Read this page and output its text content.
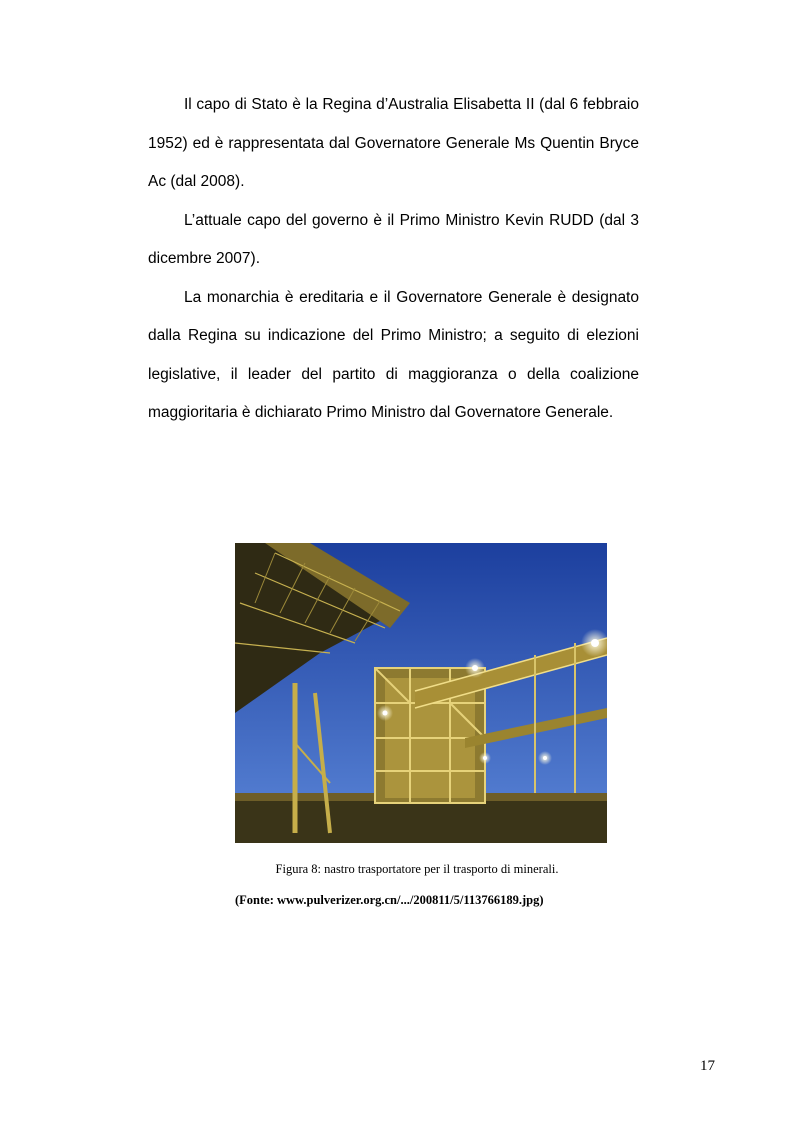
Il capo di Stato è la Regina d’Australia Elisabetta II (dal 6 febbraio 1952) ed è rappresentata dal Governatore Generale Ms Quentin Bryce Ac (dal 2008).

L’attuale capo del governo è il Primo Ministro Kevin RUDD (dal 3 dicembre 2007).

La monarchia è ereditaria e il Governatore Generale è designato dalla Regina su indicazione del Primo Ministro; a seguito di elezioni legislative, il leader del partito di maggioranza o della coalizione maggioritaria è dichiarato Primo Ministro dal Governatore Generale.

Figura 8: nastro trasportatore per il trasporto di minerali.
(Fonte: www.pulverizer.org.cn/.../200811/5/113766189.jpg)
17
